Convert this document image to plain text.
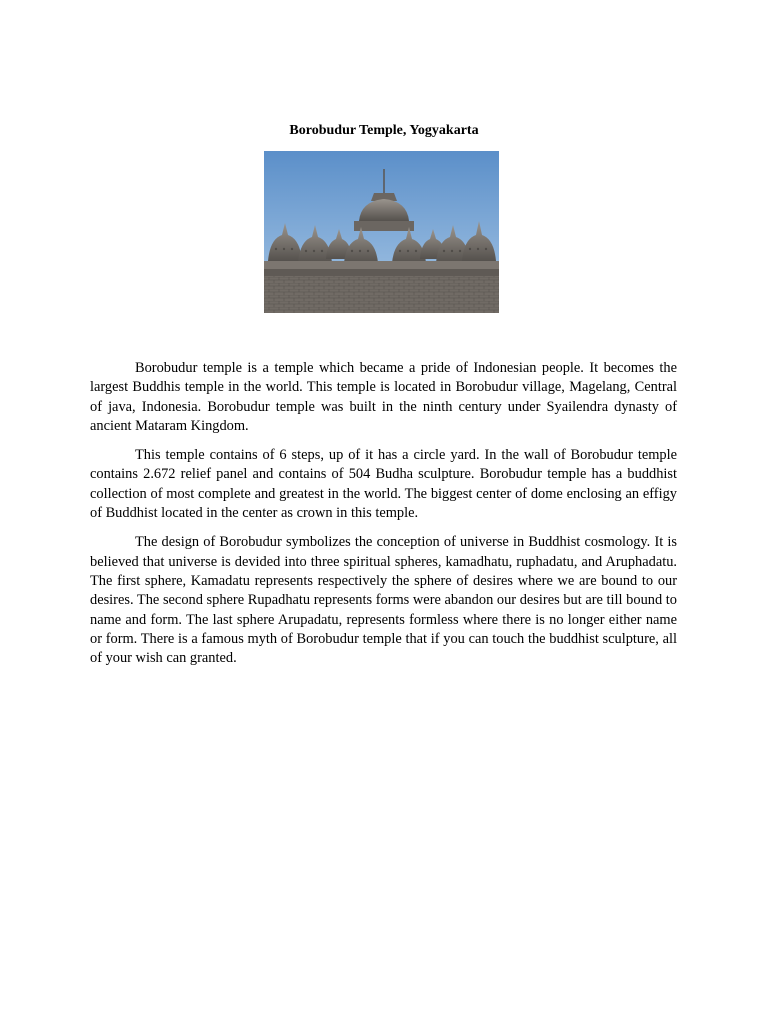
Borobudur Temple, Yogyakarta

Borobudur temple is a temple which became a pride of Indonesian people. It becomes the largest Buddhis temple in the world. This temple is located in Borobudur village, Magelang, Central of java, Indonesia. Borobudur temple was built in the ninth century under Syailendra dynasty of ancient Mataram Kingdom.

This temple contains of 6 steps, up of it has a circle yard. In the wall of Borobudur temple contains 2.672 relief panel and contains of 504 Budha sculpture. Borobudur temple has a buddhist collection of most complete and greatest in the world. The biggest center of dome enclosing an effigy of Buddhist located in the center as crown in this temple.

The design of Borobudur symbolizes the conception of universe in Buddhist cosmology. It is believed that universe is devided into three spiritual spheres, kamadhatu, ruphadatu, and Aruphadatu. The first sphere, Kamadatu represents respectively the sphere of desires where we are bound to our desires. The second sphere Rupadhatu represents forms were abandon our desires but are till bound to name and form. The last sphere Arupadatu, represents formless where there is no longer either name or form. There is a famous myth of Borobudur temple that if you can touch the buddhist sculpture, all of your wish can granted.
